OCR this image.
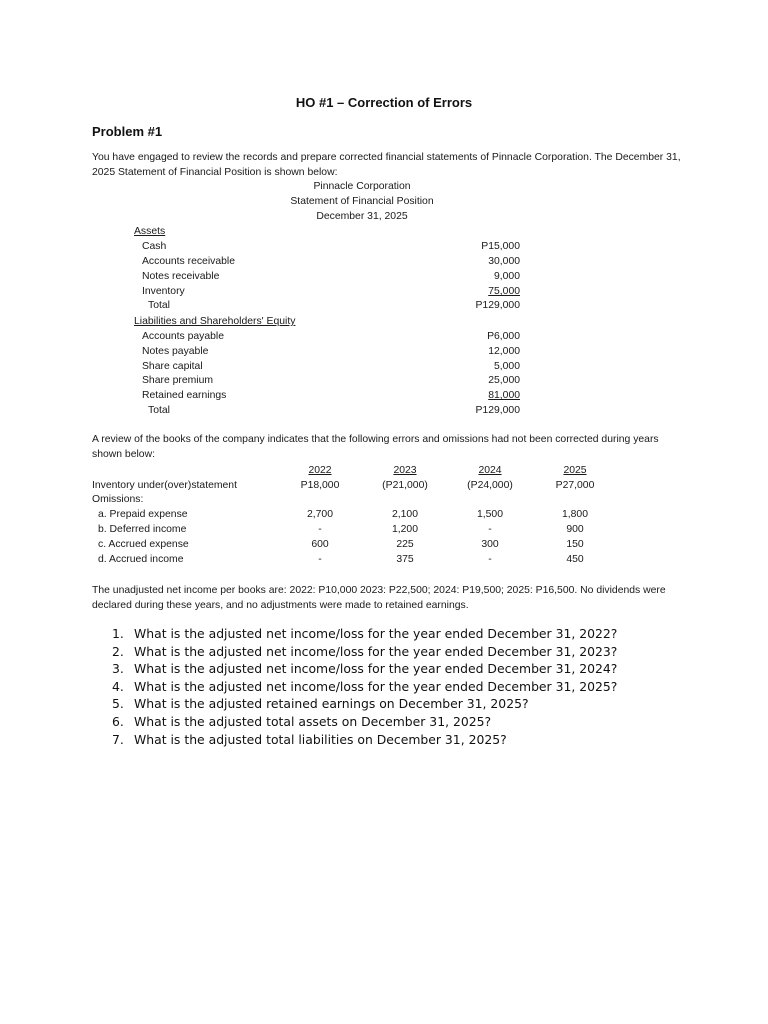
HO #1 – Correction of Errors
Problem #1
You have engaged to review the records and prepare corrected financial statements of Pinnacle Corporation. The December 31, 2025 Statement of Financial Position is shown below:
Pinnacle Corporation
Statement of Financial Position
December 31, 2025
Assets
Cash	P15,000
Accounts receivable	30,000
Notes receivable	9,000
Inventory	75,000
Total	P129,000
Liabilities and Shareholders' Equity
Accounts payable	P6,000
Notes payable	12,000
Share capital	5,000
Share premium	25,000
Retained earnings	81,000
Total	P129,000
A review of the books of the company indicates that the following errors and omissions had not been corrected during years shown below:
2022	2023	2024	2025
Inventory under(over)statement	P18,000	(P21,000)	(P24,000)	P27,000
Omissions:
a. Prepaid expense	2,700	2,100	1,500	1,800
b. Deferred income	-	1,200	-	900
c. Accrued expense	600	225	300	150
d. Accrued income	-	375	-	450
The unadjusted net income per books are: 2022: P10,000 2023: P22,500; 2024: P19,500; 2025: P16,500. No dividends were declared during these years, and no adjustments were made to retained earnings.
1. What is the adjusted net income/loss for the year ended December 31, 2022?
2. What is the adjusted net income/loss for the year ended December 31, 2023?
3. What is the adjusted net income/loss for the year ended December 31, 2024?
4. What is the adjusted net income/loss for the year ended December 31, 2025?
5. What is the adjusted retained earnings on December 31, 2025?
6. What is the adjusted total assets on December 31, 2025?
7. What is the adjusted total liabilities on December 31, 2025?
